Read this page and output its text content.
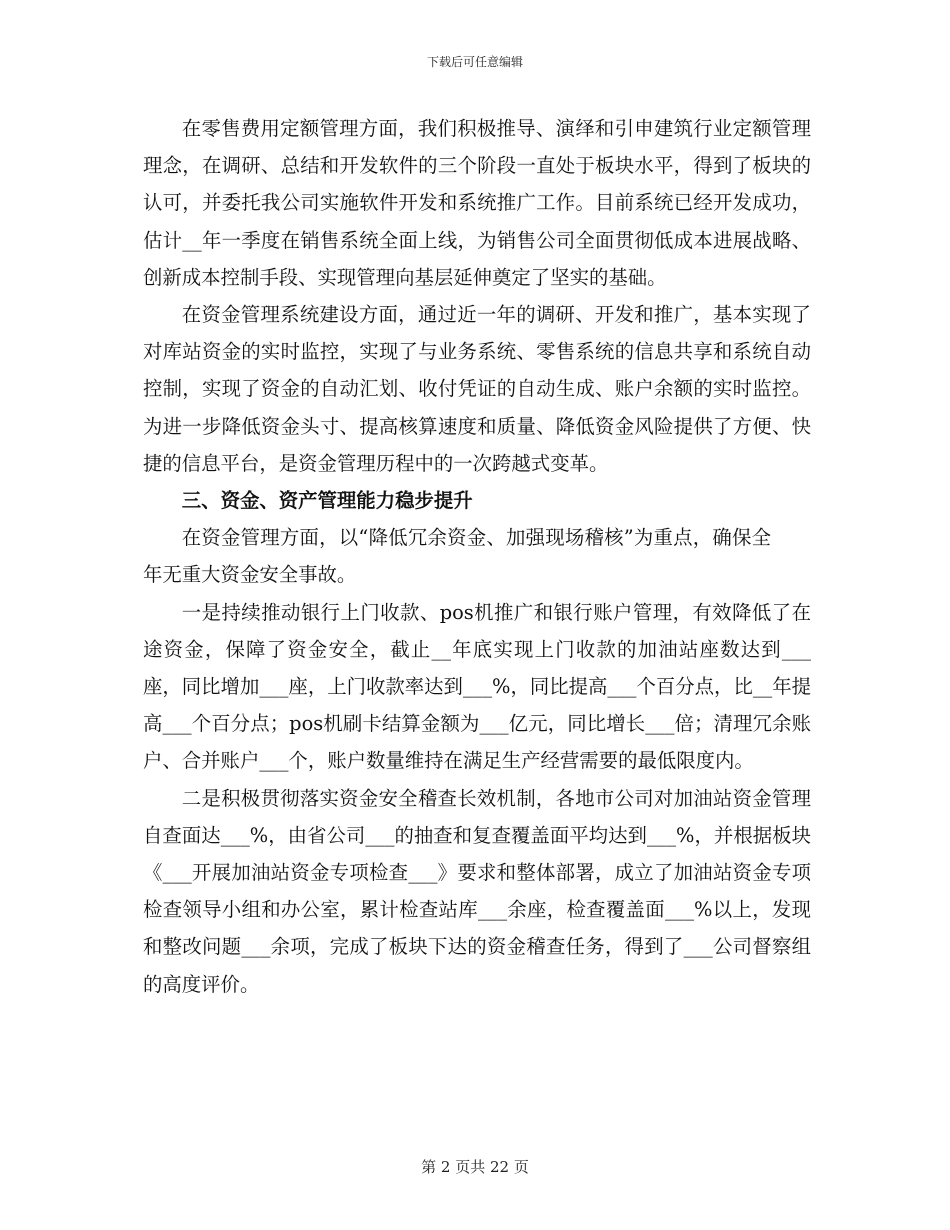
下载后可任意编辑

在零售费用定额管理方面，我们积极推导、演绎和引申建筑行业定额管理理念，在调研、总结和开发软件的三个阶段一直处于板块水平，得到了板块的认可，并委托我公司实施软件开发和系统推广工作。目前系统已经开发成功，估计__年一季度在销售系统全面上线，为销售公司全面贯彻低成本进展战略、创新成本控制手段、实现管理向基层延伸奠定了坚实的基础。

在资金管理系统建设方面，通过近一年的调研、开发和推广，基本实现了对库站资金的实时监控，实现了与业务系统、零售系统的信息共享和系统自动控制，实现了资金的自动汇划、收付凭证的自动生成、账户余额的实时监控。为进一步降低资金头寸、提高核算速度和质量、降低资金风险提供了方便、快捷的信息平台，是资金管理历程中的一次跨越式变革。

三、资金、资产管理能力稳步提升

在资金管理方面，以“降低冗余资金、加强现场稽核”为重点，确保全年无重大资金安全事故。

一是持续推动银行上门收款、pos机推广和银行账户管理，有效降低了在途资金，保障了资金安全，截止__年底实现上门收款的加油站座数达到___座，同比增加___座，上门收款率达到___%，同比提高___个百分点，比__年提高___个百分点；pos机刷卡结算金额为___亿元，同比增长___倍；清理冗余账户、合并账户___个，账户数量维持在满足生产经营需要的最低限度内。

二是积极贯彻落实资金安全稽查长效机制，各地市公司对加油站资金管理自查面达___%，由省公司___的抽查和复查覆盖面平均达到___%，并根据板块《___开展加油站资金专项检查___》要求和整体部署，成立了加油站资金专项检查领导小组和办公室，累计检查站库___余座，检查覆盖面___%以上，发现和整改问题___余项，完成了板块下达的资金稽查任务，得到了___公司督察组的高度评价。

第 2 页共 22 页
